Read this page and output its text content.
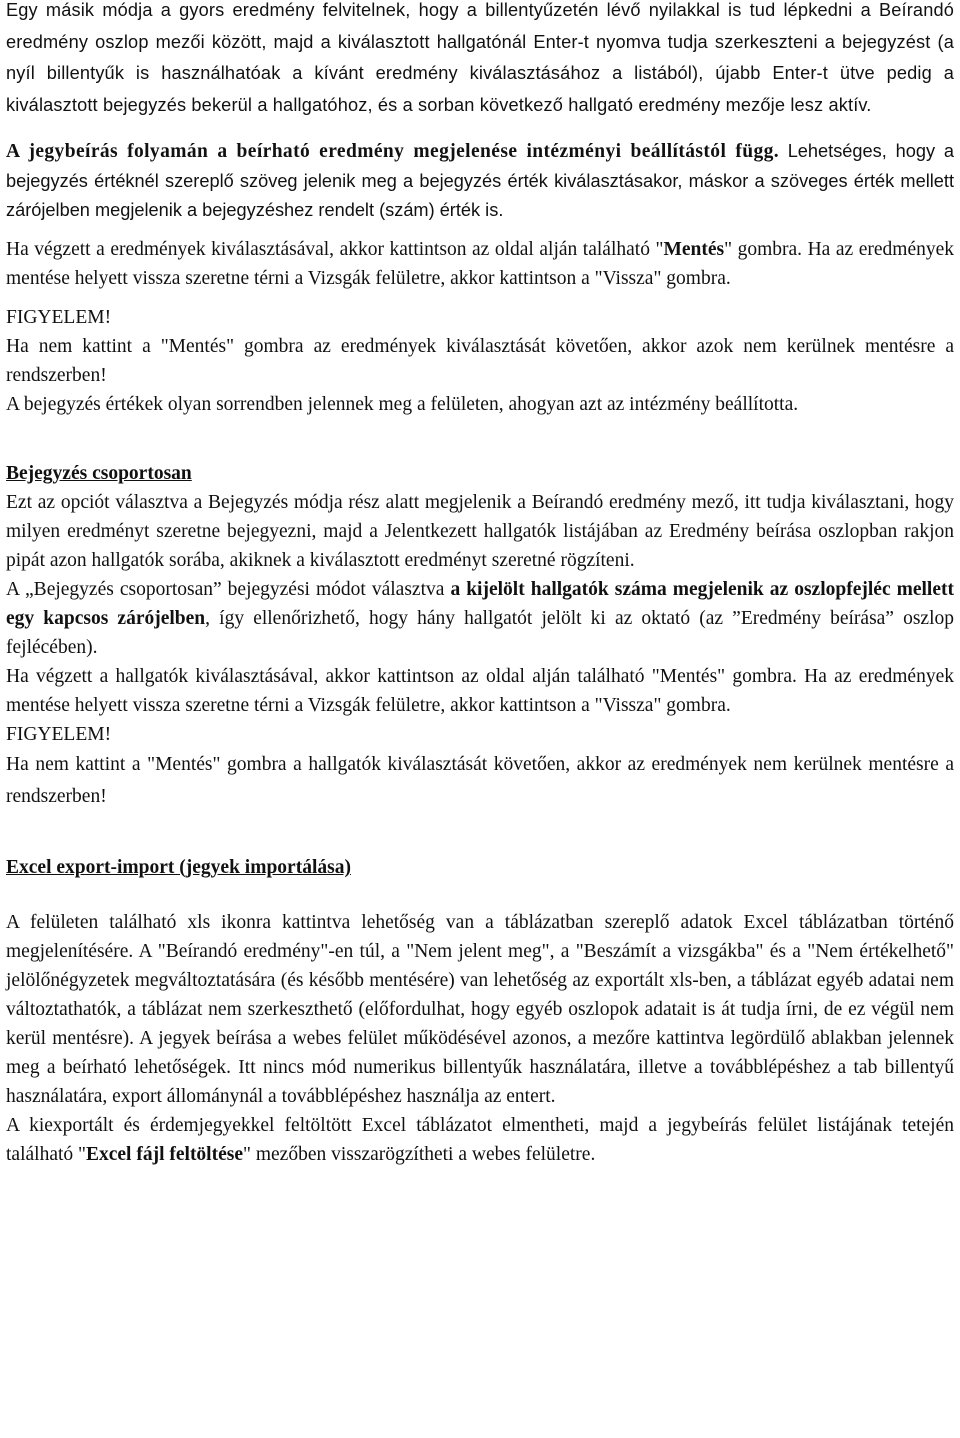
Egy másik módja a gyors eredmény felvitelnek, hogy a billentyűzetén lévő nyilakkal is tud lépkedni a Beírandó eredmény oszlop mezői között, majd a kiválasztott hallgatónál Enter-t nyomva tudja szerkeszteni a bejegyzést (a nyíl billentyűk is használhatóak a kívánt eredmény kiválasztásához a listából), újabb Enter-t ütve pedig a kiválasztott bejegyzés bekerül a hallgatóhoz, és a sorban következő hallgató eredmény mezője lesz aktív.

A jegybeírás folyamán a beírható eredmény megjelenése intézményi beállítástól függ. Lehetséges, hogy a bejegyzés értéknél szereplő szöveg jelenik meg a bejegyzés érték kiválasztásakor, máskor a szöveges érték mellett zárójelben megjelenik a bejegyzéshez rendelt (szám) érték is.

Ha végzett a eredmények kiválasztásával, akkor kattintson az oldal alján található "Mentés" gombra. Ha az eredmények mentése helyett vissza szeretne térni a Vizsgák felületre, akkor kattintson a "Vissza" gombra.

FIGYELEM!

Ha nem kattint a "Mentés" gombra az eredmények kiválasztását követően, akkor azok nem kerülnek mentésre a rendszerben!

A bejegyzés értékek olyan sorrendben jelennek meg a felületen, ahogyan azt az intézmény beállította.

Bejegyzés csoportosan

Ezt az opciót választva a Bejegyzés módja rész alatt megjelenik a Beírandó eredmény mező, itt tudja kiválasztani, hogy milyen eredményt szeretne bejegyezni, majd a Jelentkezett hallgatók listájában az Eredmény beírása oszlopban rakjon pipát azon hallgatók sorába, akiknek a kiválasztott eredményt szeretné rögzíteni.

A „Bejegyzés csoportosan” bejegyzési módot választva a kijelölt hallgatók száma megjelenik az oszlopfejléc mellett egy kapcsos zárójelben, így ellenőrizhető, hogy hány hallgatót jelölt ki az oktató (az ”Eredmény beírása” oszlop fejlécében).

Ha végzett a hallgatók kiválasztásával, akkor kattintson az oldal alján található "Mentés" gombra. Ha az eredmények mentése helyett vissza szeretne térni a Vizsgák felületre, akkor kattintson a "Vissza" gombra.

FIGYELEM!

Ha nem kattint a "Mentés" gombra a hallgatók kiválasztását követően, akkor az eredmények nem kerülnek mentésre a rendszerben!

Excel export-import (jegyek importálása)

A felületen található xls ikonra kattintva lehetőség van a táblázatban szereplő adatok Excel táblázatban történő megjelenítésére. A "Beírandó eredmény"-en túl, a "Nem jelent meg", a "Beszámít a vizsgákba" és a "Nem értékelhető" jelölőnégyzetek megváltoztatására (és később mentésére) van lehetőség az exportált xls-ben, a táblázat egyéb adatai nem változtathatók, a táblázat nem szerkeszthető (előfordulhat, hogy egyéb oszlopok adatait is át tudja írni, de ez végül nem kerül mentésre). A jegyek beírása a webes felület működésével azonos, a mezőre kattintva legördülő ablakban jelennek meg a beírható lehetőségek. Itt nincs mód numerikus billentyűk használatára, illetve a továbblépéshez a tab billentyű használatára, export állománynál a továbblépéshez használja az entert.

A kiexportált és érdemjegyekkel feltöltött Excel táblázatot elmentheti, majd a jegybeírás felület listájának tetején található "Excel fájl feltöltése" mezőben visszarögzítheti a webes felületre.
